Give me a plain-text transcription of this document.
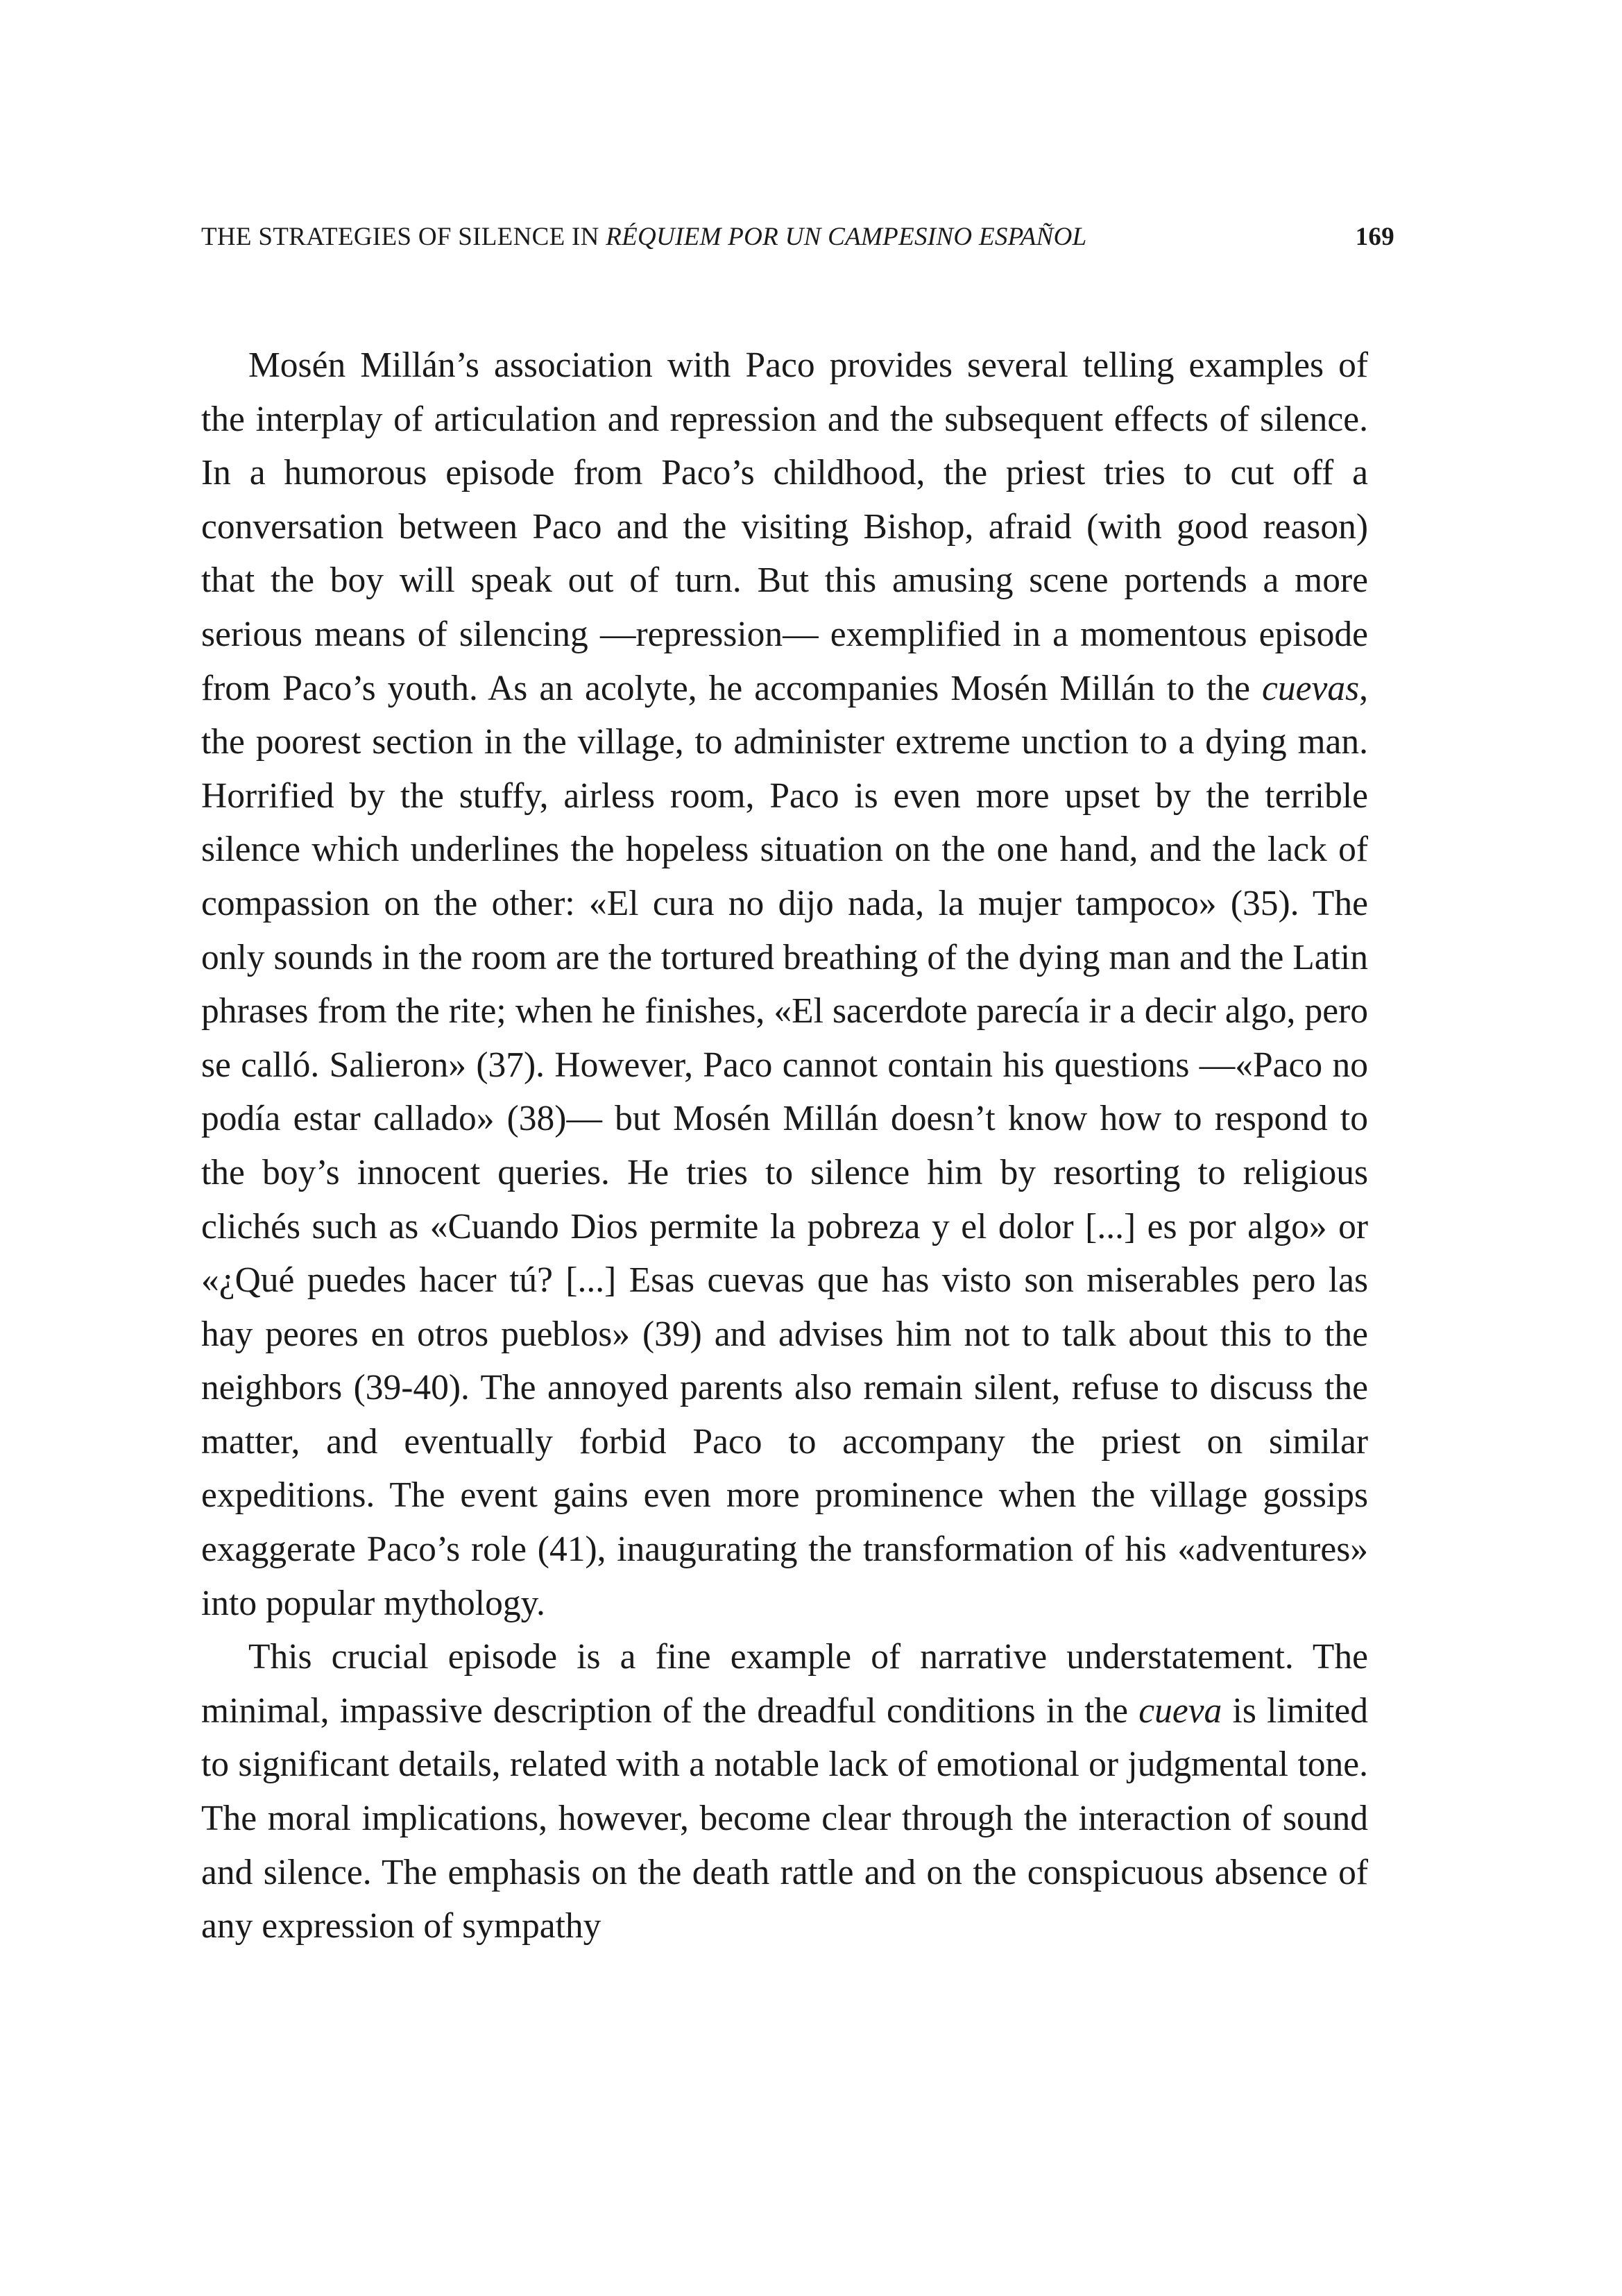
THE STRATEGIES OF SILENCE IN RÉQUIEM POR UN CAMPESINO ESPAÑOL	169

Mosén Millán’s association with Paco provides several telling examples of the interplay of articulation and repression and the subsequent effects of silence. In a humorous episode from Paco’s childhood, the priest tries to cut off a conversation between Paco and the visiting Bishop, afraid (with good reason) that the boy will speak out of turn. But this amusing scene portends a more serious means of silencing —repression— exemplified in a momentous episode from Paco’s youth. As an acolyte, he accompanies Mosén Millán to the cuevas, the poorest section in the village, to administer extreme unction to a dying man. Horrified by the stuffy, airless room, Paco is even more upset by the terrible silence which underlines the hopeless situation on the one hand, and the lack of compassion on the other: «El cura no dijo nada, la mujer tampoco» (35). The only sounds in the room are the tortured breathing of the dying man and the Latin phrases from the rite; when he finishes, «El sacerdote parecía ir a decir algo, pero se calló. Salieron» (37). However, Paco cannot contain his questions —«Paco no podía estar callado» (38)— but Mosén Millán doesn’t know how to respond to the boy’s innocent queries. He tries to silence him by resorting to religious clichés such as «Cuando Dios permite la pobreza y el dolor [...] es por algo» or «¿Qué puedes hacer tú? [...] Esas cuevas que has visto son miserables pero las hay peores en otros pueblos» (39) and advises him not to talk about this to the neighbors (39-40). The annoyed parents also remain silent, refuse to discuss the matter, and eventually forbid Paco to accompany the priest on similar expeditions. The event gains even more prominence when the village gossips exaggerate Paco’s role (41), inaugurating the transformation of his «adventures» into popular mythology.

This crucial episode is a fine example of narrative understatement. The minimal, impassive description of the dreadful conditions in the cueva is limited to significant details, related with a notable lack of emotional or judgmental tone. The moral implications, however, become clear through the interaction of sound and silence. The emphasis on the death rattle and on the conspicuous absence of any expression of sympathy
